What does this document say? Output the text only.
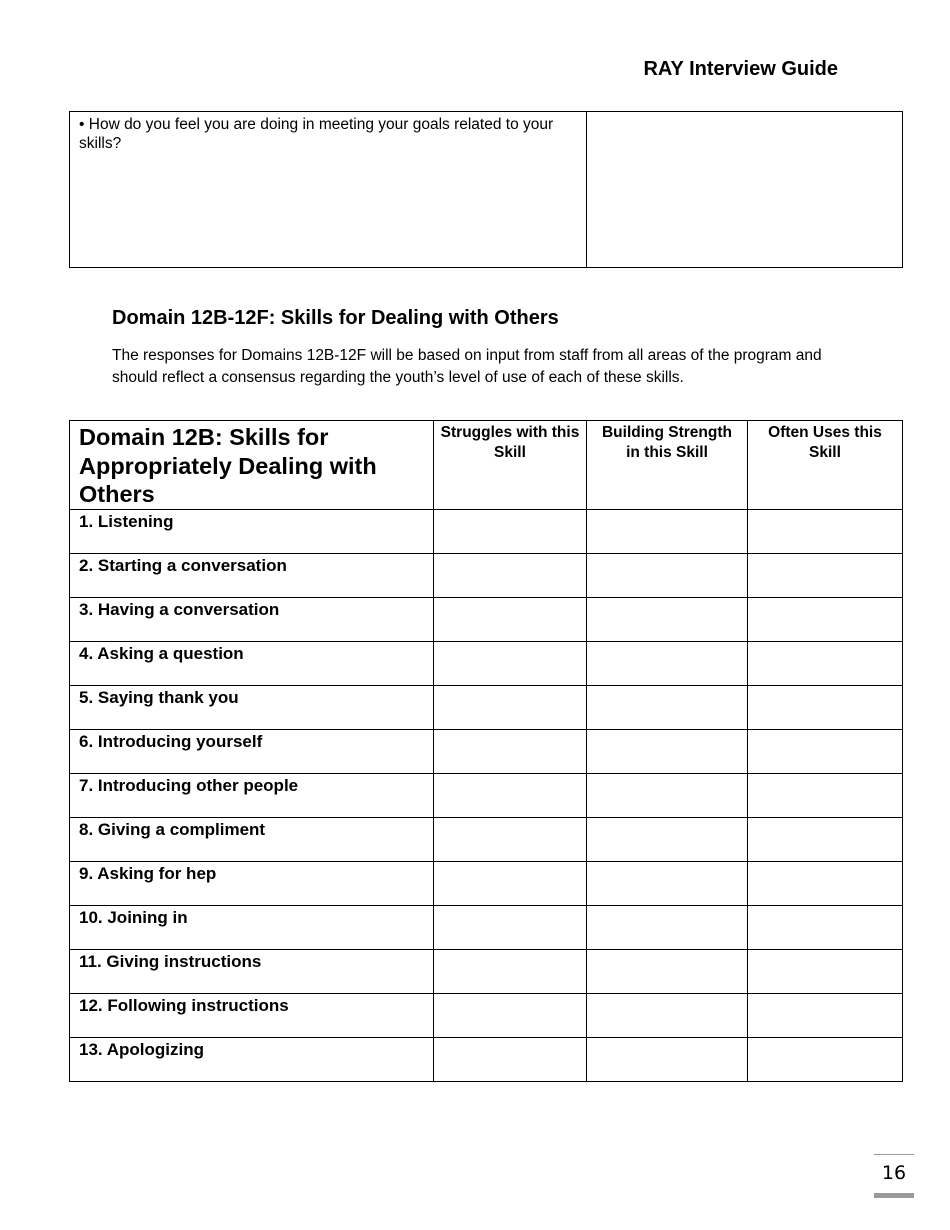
RAY Interview Guide
• How do you feel you are doing in meeting your goals related to your skills?	
Domain 12B-12F: Skills for Dealing with Others
The responses for Domains 12B-12F will be based on input from staff from all areas of the program and should reflect a consensus regarding the youth’s level of use of each of these skills.
Domain 12B: Skills for Appropriately Dealing with Others	Struggles with this Skill	Building Strength in this Skill	Often Uses this Skill
1. Listening			
2. Starting a conversation			
3. Having a conversation			
4. Asking a question			
5. Saying thank you			
6. Introducing yourself			
7. Introducing other people			
8. Giving a compliment			
9. Asking for hep			
10. Joining in			
11. Giving instructions			
12. Following instructions			
13. Apologizing			
16
